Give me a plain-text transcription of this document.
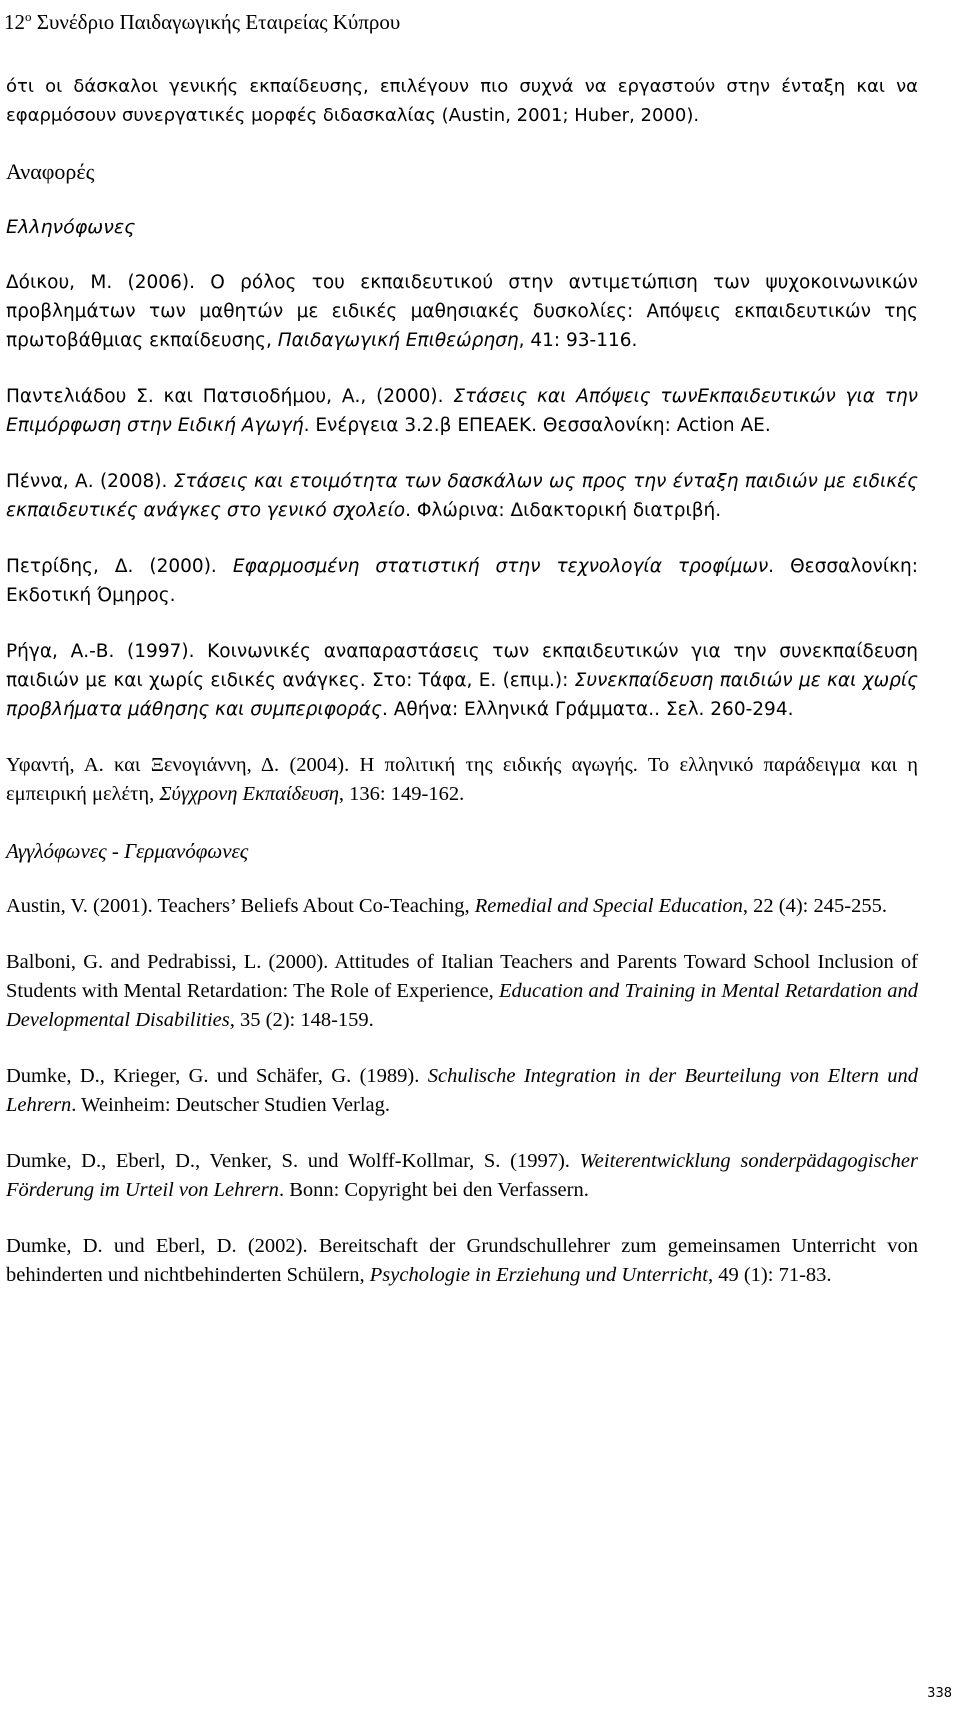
$12^o$ Συνέδριο Παιδαγωγικής Εταιρείας Κύπρου

ότι οι δάσκαλοι γενικής εκπαίδευσης, επιλέγουν πιο συχνά να εργαστούν στην ένταξη και να εφαρμόσουν συνεργατικές μορφές διδασκαλίας (Austin, 2001; Huber, 2000).

Αναφορές
Ελληνόφωνες

Δόικου, Μ. (2006). Ο ρόλος του εκπαιδευτικού στην αντιμετώπιση των ψυχοκοινωνικών προβλημάτων των μαθητών με ειδικές μαθησιακές δυσκολίες: Απόψεις εκπαιδευτικών της πρωτοβάθμιας εκπαίδευσης, Παιδαγωγική Επιθεώρηση, 41: 93-116.

Παντελιάδου Σ. και Πατσιοδήμου, Α., (2000). Στάσεις και Απόψεις τωνΕκπαιδευτικών για την Επιμόρφωση στην Ειδική Αγωγή. Ενέργεια 3.2.β ΕΠΕΑΕΚ. Θεσσαλονίκη: Action AE.

Πέννα, Α. (2008). Στάσεις και ετοιμότητα των δασκάλων ως προς την ένταξη παιδιών με ειδικές εκπαιδευτικές ανάγκες στο γενικό σχολείο. Φλώρινα: Διδακτορική διατριβή.

Πετρίδης, Δ. (2000). Εφαρμοσμένη στατιστική στην τεχνολογία τροφίμων. Θεσσαλονίκη: Εκδοτική Όμηρος.

Ρήγα, Α.-Β. (1997). Κοινωνικές αναπαραστάσεις των εκπαιδευτικών για την συνεκπαίδευση παιδιών με και χωρίς ειδικές ανάγκες. Στο: Τάφα, Ε. (επιμ.): Συνεκπαίδευση παιδιών με και χωρίς προβλήματα μάθησης και συμπεριφοράς. Αθήνα: Ελληνικά Γράμματα.. Σελ. 260-294.

Υφαντή, Α. και Ξενογιάννη, Δ. (2004). Η πολιτική της ειδικής αγωγής. Το ελληνικό παράδειγμα και η εμπειρική μελέτη, Σύγχρονη Εκπαίδευση, 136: 149-162.

Αγγλόφωνες - Γερμανόφωνες

Austin, V. (2001). Teachers’ Beliefs About Co-Teaching, Remedial and Special Education, 22 (4): 245-255.

Balboni, G. and Pedrabissi, L. (2000). Attitudes of Italian Teachers and Parents Toward School Inclusion of Students with Mental Retardation: The Role of Experience, Education and Training in Mental Retardation and Developmental Disabilities, 35 (2): 148-159.

Dumke, D., Krieger, G. und Schäfer, G. (1989). Schulische Integration in der Beurteilung von Eltern und Lehrern. Weinheim: Deutscher Studien Verlag.

Dumke, D., Eberl, D., Venker, S. und Wolff-Kollmar, S. (1997). Weiterentwicklung sonderpädagogischer Förderung im Urteil von Lehrern. Bonn: Copyright bei den Verfassern.

Dumke, D. und Eberl, D. (2002). Bereitschaft der Grundschullehrer zum gemeinsamen Unterricht von behinderten und nichtbehinderten Schülern, Psychologie in Erziehung und Unterricht, 49 (1): 71-83.

338
